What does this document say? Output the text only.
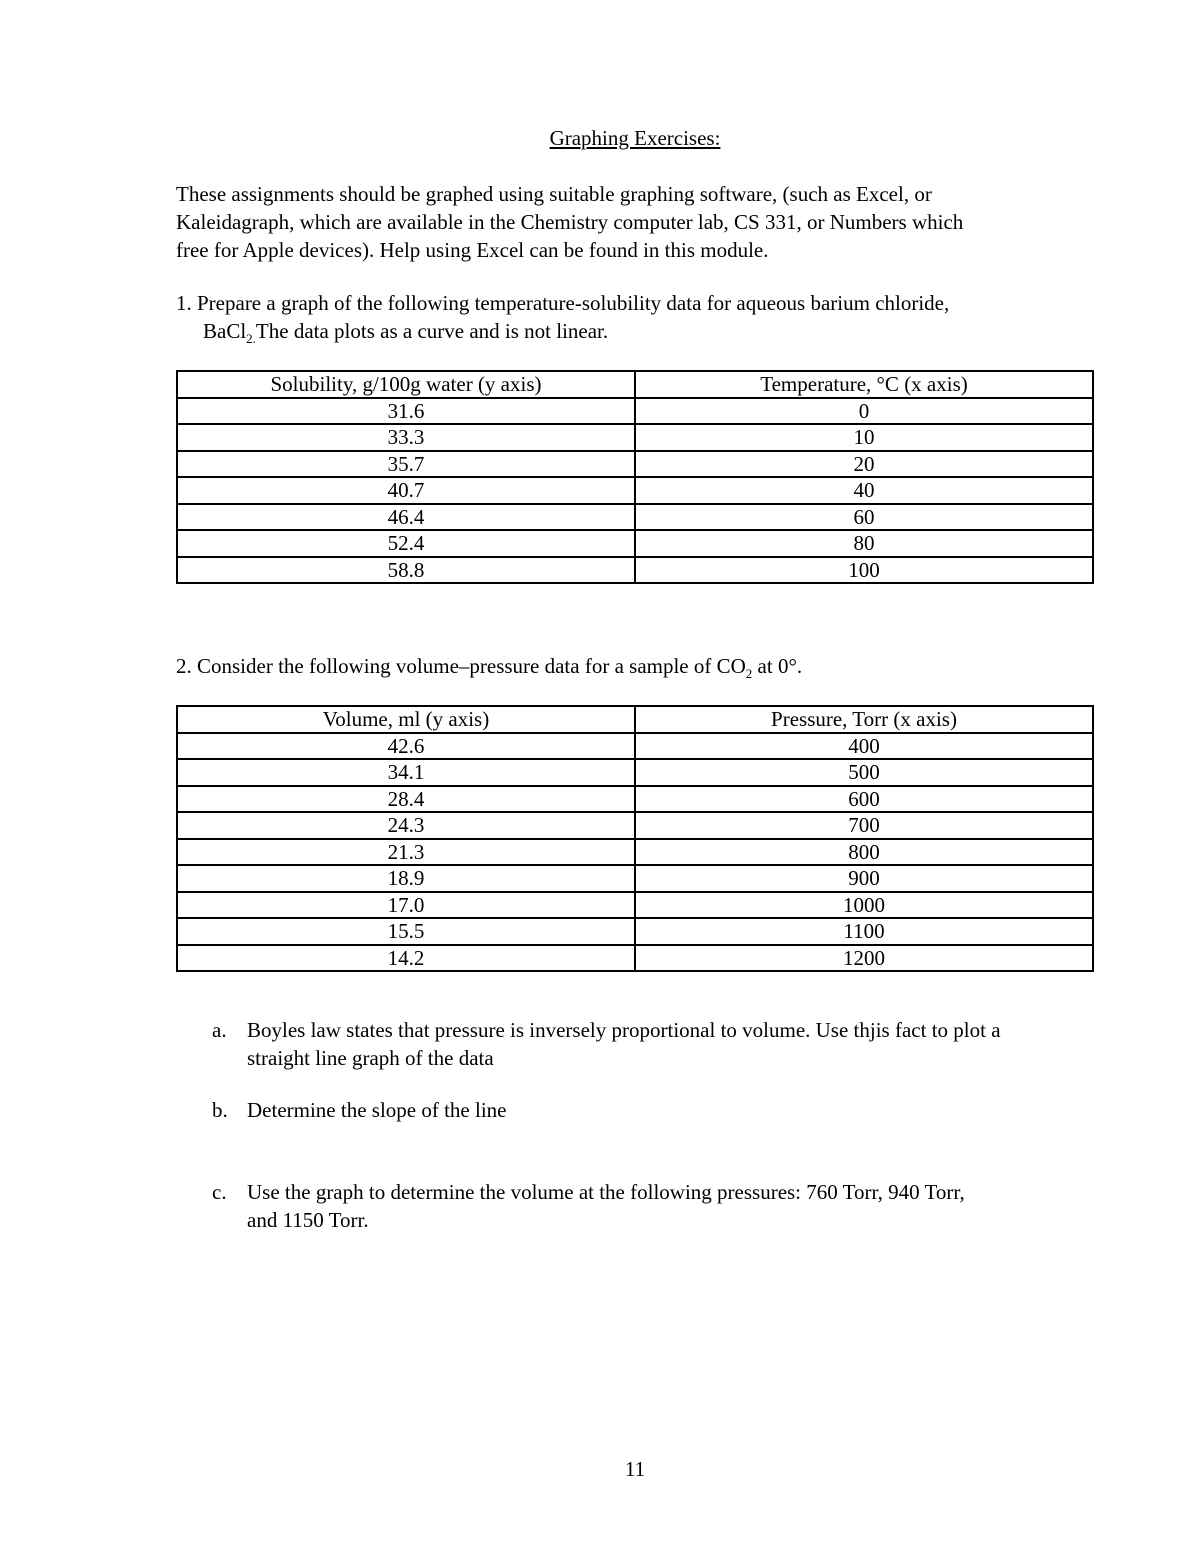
Graphing Exercises:
These assignments should be graphed using suitable graphing software, (such as Excel, or
Kaleidagraph, which are available in the Chemistry computer lab, CS 331, or Numbers which
free for Apple devices). Help using Excel can be found in this module.
1. Prepare a graph of the following temperature-solubility data for aqueous barium chloride,
BaCl$_{2.}$The data plots as a curve and is not linear.
Solubility, g/100g water (y axis)	Temperature, °C (x axis)
31.6	0
33.3	10
35.7	20
40.7	40
46.4	60
52.4	80
58.8	100
2. Consider the following volume–pressure data for a sample of $CO_2$ at 0°.
Volume, ml (y axis)	Pressure, Torr (x axis)
42.6	400
34.1	500
28.4	600
24.3	700
21.3	800
18.9	900
17.0	1000
15.5	1100
14.2	1200
a. Boyles law states that pressure is inversely proportional to volume. Use thjis fact to plot a
straight line graph of the data
b. Determine the slope of the line
c. Use the graph to determine the volume at the following pressures: 760 Torr, 940 Torr,
and 1150 Torr.
11
